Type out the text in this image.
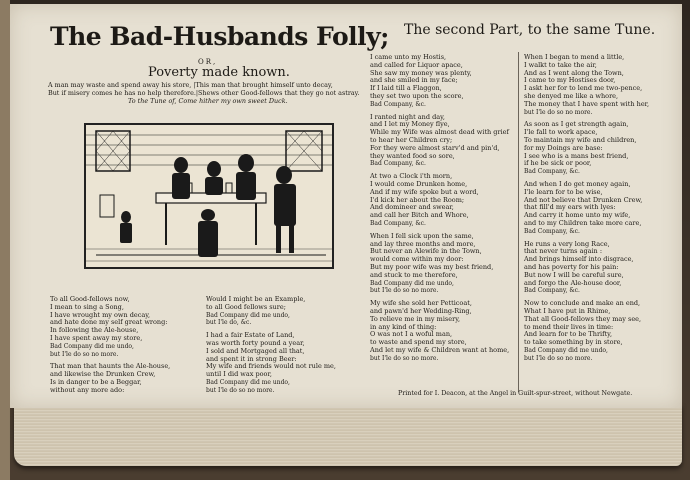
The Bad-Husbands Folly; The second Part, to the same Tune.
OR,
Poverty made known.
A man may waste and spend away his store, |This man that brought himself unto decay,
But if misery comes he has no help therefore.|Shews other Good-fellows that they go not astray.
To the Tune of, Come hither my own sweet Duck.
To all Good-fellows now,
I mean to sing a Song,
I have wrought my own decay,
and hate done my self great wrong:
In following the Ale-house,
I have spent away my store,
Bad Company did me undo,
but I'le do so no more.
That man that haunts the Ale-house,
and likewise the Drunken Crew,
Is in danger to be a Beggar,
without any more ado:
Would I might be an Example,
to all Good fellows sure;
Bad Company did me undo,
but I'le do, &c.
I had a fair Estate of Land,
was worth forty pound a year,
I sold and Mortgaged all that,
and spent it in strong Beer:
My wife and friends would not rule me,
until I did wax poor,
Bad Company did me undo,
but I'le do so no more.
I came unto my Hostis,
and called for Liquor apace,
She saw my money was plenty,
and she smiled in my face;
If I laid till a Flaggon,
they set two upon the score,
Bad Company, &c.
I ranted night and day,
and I let my Money flye,
While my Wife was almost dead with grief
to hear her Children cry;
For they were almost starv'd and pin'd,
they wanted food so sore,
Bad Company, &c.
At two a Clock i'th morn,
I would come Drunken home,
And if my wife spoke but a word,
I'd kick her about the Room;
And domineer and swear,
and call her Bitch and Whore,
Bad Company, &c.
When I fell sick upon the same,
and lay three months and more,
But never an Alewife in the Town,
would come within my door:
But my poor wife was my best friend,
and stuck to me therefore,
Bad Company did me undo,
but I'le do so no more.
My wife she sold her Petticoat,
and pawn'd her Wedding-Ring,
To relieve me in my misery,
in any kind of thing:
O was not I a woful man,
to waste and spend my store,
And let my wife & Children want at home,
but I'le do so no more.
When I began to mend a little,
I walkt to take the air,
And as I went along the Town,
I came to my Hostises door,
I askt her for to lend me two-pence,
she denyed me like a whore,
The money that I have spent with her,
but I'le do so no more.
As soon as I get strength again,
I'le fall to work apace,
To maintain my wife and children,
for my Doings are base:
I see who is a mans best friend,
if he be sick or poor,
Bad Company, &c.
And when I do get money again,
I'le learn for to be wise,
And not believe that Drunken Crew,
that fill'd my ears with lyes:
And carry it home unto my wife,
and to my Children take more care,
Bad Company, &c.
He runs a very long Race,
that never turns again :
And brings himself into disgrace,
and has poverty for his pain:
But now I will be careful sure,
and forgo the Ale-house door,
Bad Company, &c.
Now to conclude and make an end,
What I have put in Rhime,
That all Good-fellows they may see,
to mend their lives in time:
And learn for to be Thrifty,
to take something by in store,
Bad Company did me undo,
but I'le do so no more.
Printed for I. Deacon, at the Angel in Guilt-spur-street, without Newgate.
